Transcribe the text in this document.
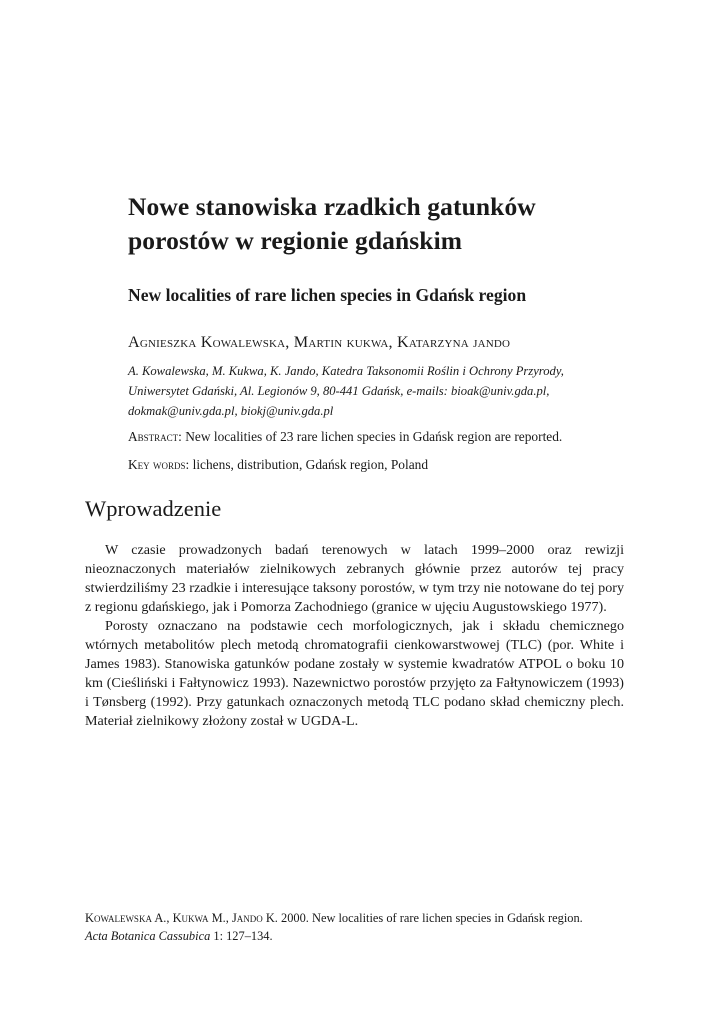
Nowe stanowiska rzadkich gatunków
porostów w regionie gdańskim
New localities of rare lichen species in Gdańsk region
Agnieszka Kowalewska, Martin kukwa, Katarzyna jando
A. Kowalewska, M. Kukwa, K. Jando, Katedra Taksonomii Roślin i Ochrony Przyrody,
Uniwersytet Gdański, Al. Legionów 9, 80-441 Gdańsk, e-mails: bioak@univ.gda.pl,
dokmak@univ.gda.pl, biokj@univ.gda.pl
Abstract: New localities of 23 rare lichen species in Gdańsk region are reported.
Key words: lichens, distribution, Gdańsk region, Poland
Wprowadzenie

W czasie prowadzonych badań terenowych w latach 1999–2000 oraz rewizji nieoznaczonych materiałów zielnikowych zebranych głównie przez autorów tej pracy stwierdziliśmy 23 rzadkie i interesujące taksony porostów, w tym trzy nie notowane do tej pory z regionu gdańskiego, jak i Pomorza Zachodniego (granice w ujęciu Augustowskiego 1977).

Porosty oznaczano na podstawie cech morfologicznych, jak i składu chemicznego wtórnych metabolitów plech metodą chromatografii cienkowarstwowej (TLC) (por. White i James 1983). Stanowiska gatunków podane zostały w systemie kwadratów ATPOL o boku 10 km (Cieśliński i Fałtynowicz 1993). Nazewnictwo porostów przyjęto za Fałtynowiczem (1993) i Tønsberg (1992). Przy gatunkach oznaczonych metodą TLC podano skład chemiczny plech. Materiał zielnikowy złożony został w UGDA-L.

Kowalewska A., Kukwa M., Jando K. 2000. New localities of rare lichen species in Gdańsk region.
Acta Botanica Cassubica 1: 127–134.
